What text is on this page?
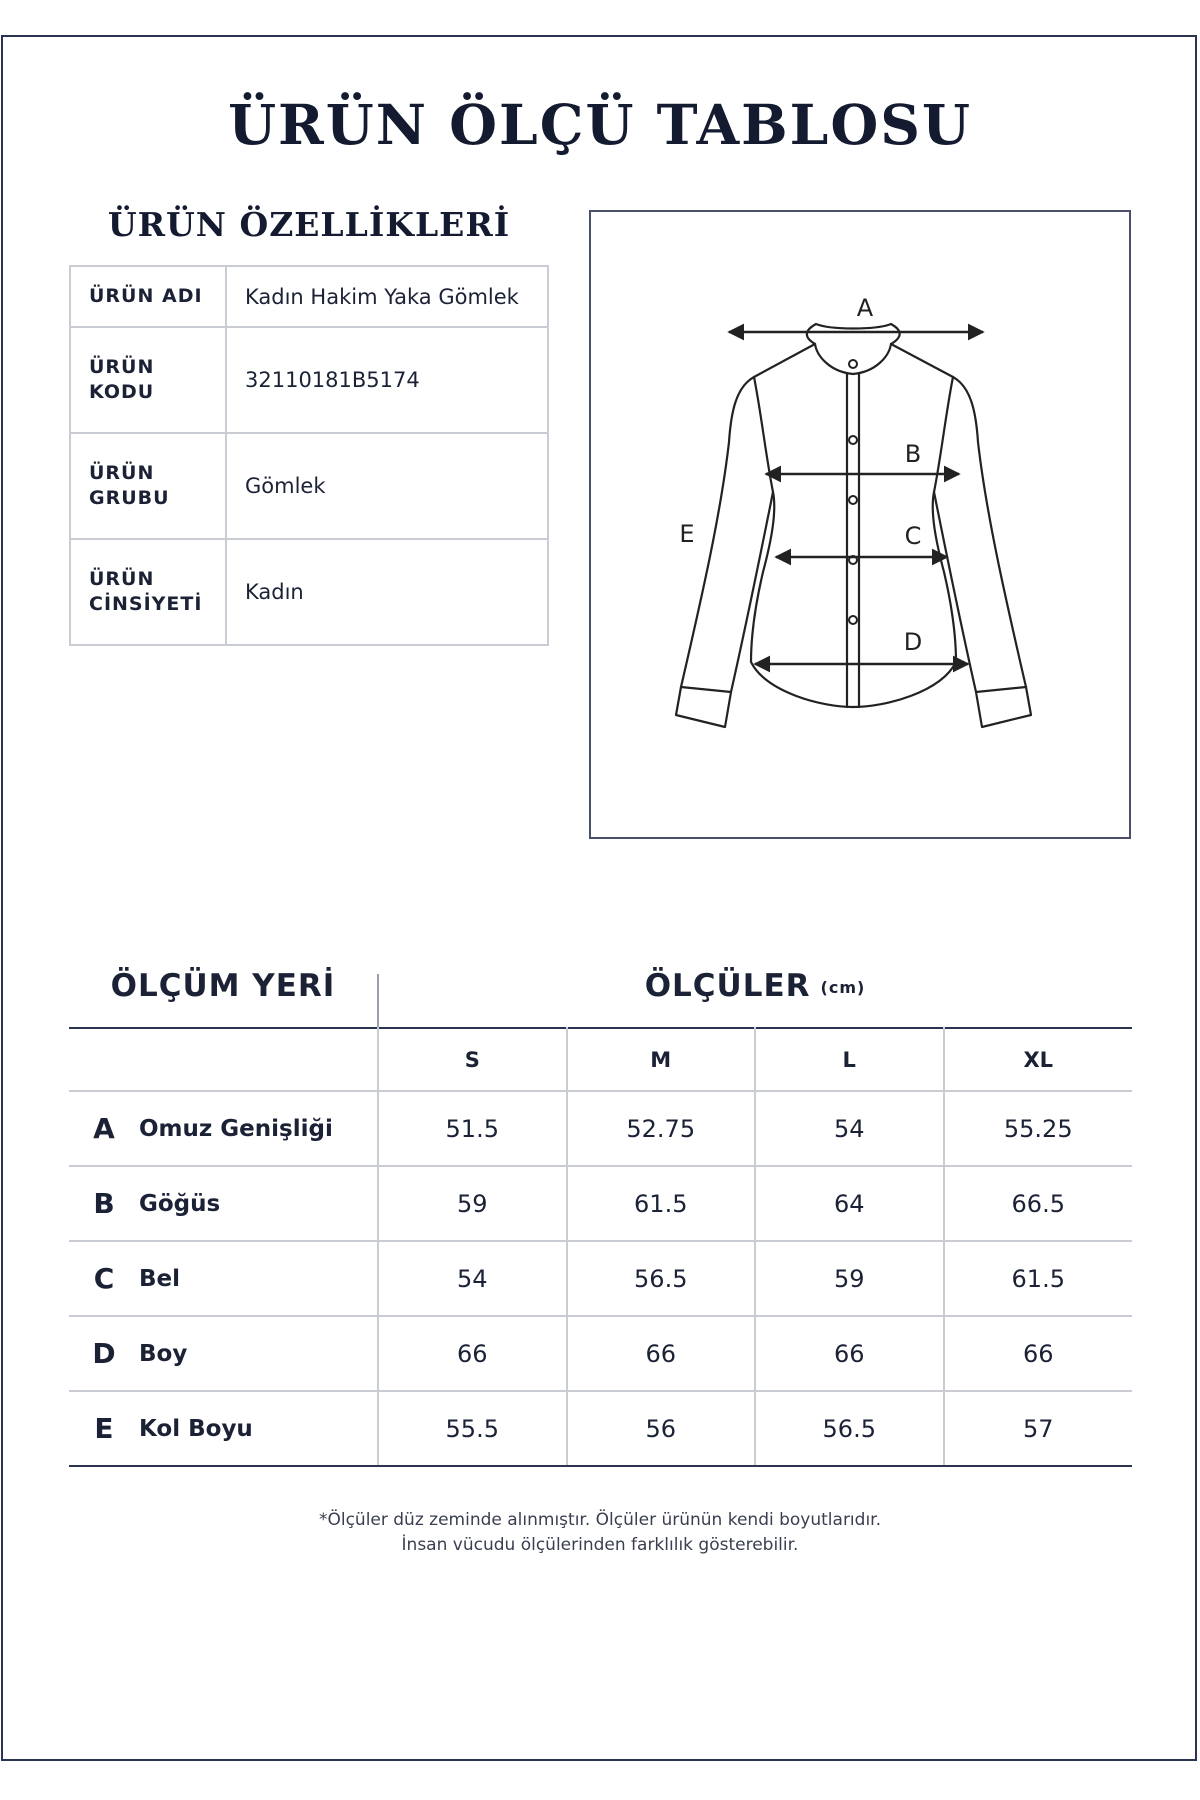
ÜRÜN ÖLÇÜ TABLOSU
ÜRÜN ÖZELLİKLERİ
ÜRÜN ADI	Kadın Hakim Yaka Gömlek
ÜRÜN KODU	32110181B5174
ÜRÜN GRUBU	Gömlek
ÜRÜN CİNSİYETİ	Kadın
A
B
C
D
E
ÖLÇÜM YERİ	ÖLÇÜLER (cm)
		S	M	L	XL
A	Omuz Genişliği	51.5	52.75	54	55.25
B	Göğüs	59	61.5	64	66.5
C	Bel	54	56.5	59	61.5
D	Boy	66	66	66	66
E	Kol Boyu	55.5	56	56.5	57
*Ölçüler düz zeminde alınmıştır. Ölçüler ürünün kendi boyutlarıdır.
İnsan vücudu ölçülerinden farklılık gösterebilir.
